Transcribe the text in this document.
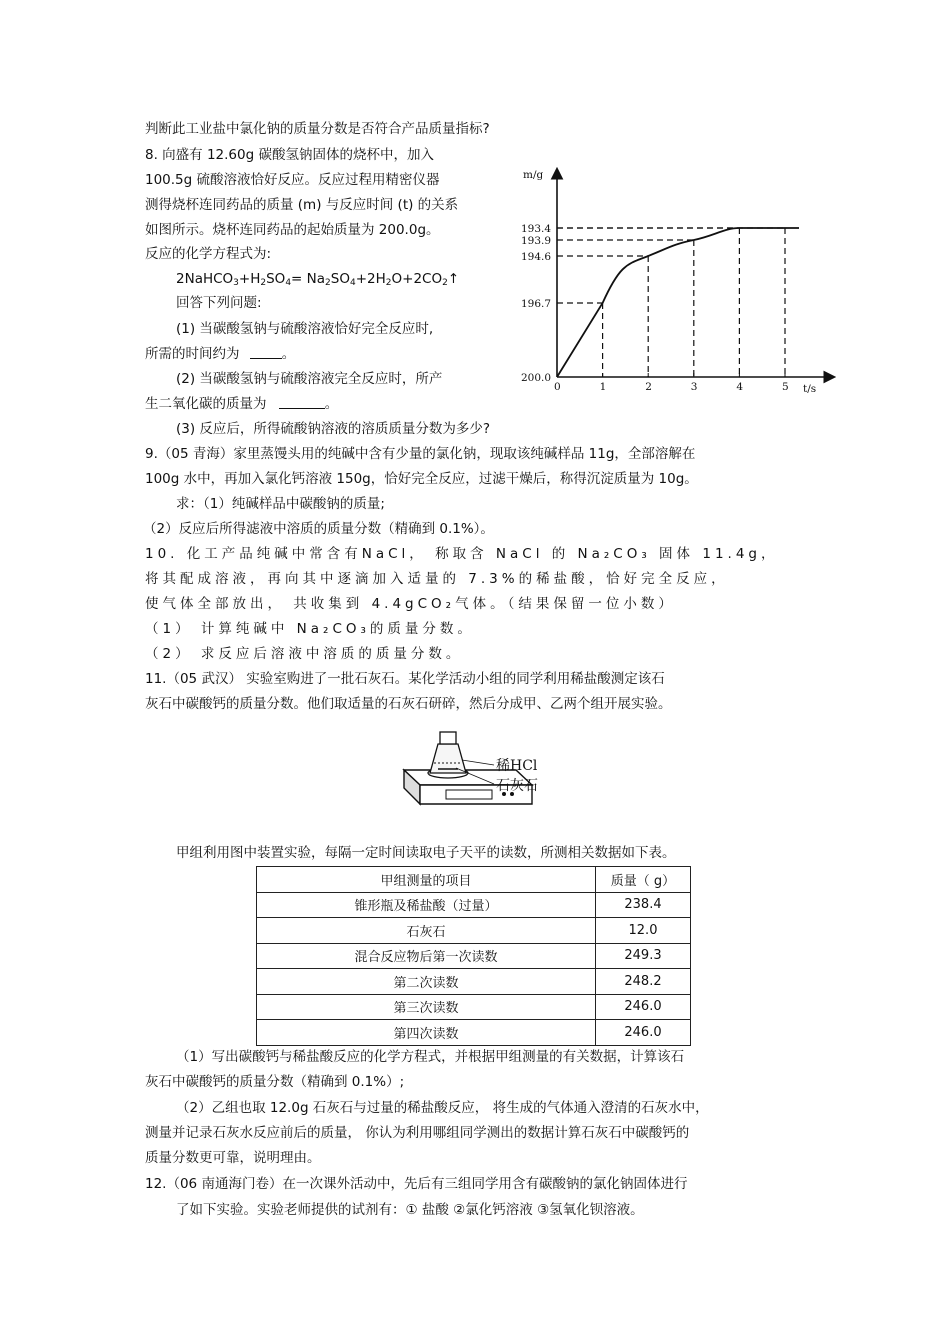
判断此工业盐中氯化钠的质量分数是否符合产品质量指标?
8. 向盛有 12.60g 碳酸氢钠固体的烧杯中，加入
100.5g 硫酸溶液恰好反应。反应过程用精密仪器
测得烧杯连同药品的质量 (m) 与反应时间 (t) 的关系
如图所示。烧杯连同药品的起始质量为 200.0g。
反应的化学方程式为:
$2NaHCO_3+H_2SO_4=$ $Na_2SO_4+2H_2O+2CO_2↑$
回答下列问题:
(1) 当碳酸氢钠与硫酸溶液恰好完全反应时,
所需的时间约为	。
(2) 当碳酸氢钠与硫酸溶液完全反应时，所产
生二氧化碳的质量为	。
(3) 反应后，所得硫酸钠溶液的溶质质量分数为多少?
m/g
t/s
0	1	2	3	4	5
200.0
196.7
194.6
193.9
193.4
9.（05 青海）家里蒸馒头用的纯碱中含有少量的氯化钠，现取该纯碱样品 11g，全部溶解在
100g 水中，再加入氯化钙溶液 150g，恰好完全反应，过滤干燥后，称得沉淀质量为 10g。
求：（1）纯碱样品中碳酸钠的质量;
（2）反应后所得滤液中溶质的质量分数（精确到 0.1%）。
10. 化工产品纯碱中常含有NaCl， 称取含 NaCl 的 Na₂CO₃ 固体 11.4g，
将其配成溶液，再向其中逐滴加入适量的 7.3%的稀盐酸，恰好完全反应，
使气体全部放出， 共收集到 4.4gCO₂气体。（结果保留一位小数）
（1） 计算纯碱中 Na₂CO₃的质量分数。
（2） 求反应后溶液中溶质的质量分数。
11.（05 武汉） 实验室购进了一批石灰石。某化学活动小组的同学利用稀盐酸测定该石
灰石中碳酸钙的质量分数。他们取适量的石灰石研碎，然后分成甲、乙两个组开展实验。
稀HCl
石灰石
甲组利用图中装置实验，每隔一定时间读取电子天平的读数，所测相关数据如下表。
甲组测量的项目	质量（ g）
锥形瓶及稀盐酸（过量）	238.4
石灰石	12.0
混合反应物后第一次读数	249.3
第二次读数	248.2
第三次读数	246.0
第四次读数	246.0
（1）写出碳酸钙与稀盐酸反应的化学方程式，并根据甲组测量的有关数据，计算该石
灰石中碳酸钙的质量分数（精确到 0.1%）;
（2）乙组也取 12.0g 石灰石与过量的稀盐酸反应， 将生成的气体通入澄清的石灰水中，
测量并记录石灰水反应前后的质量， 你认为利用哪组同学测出的数据计算石灰石中碳酸钙的
质量分数更可靠，说明理由。
12.（06 南通海门卷）在一次课外活动中，先后有三组同学用含有碳酸钠的氯化钠固体进行
了如下实验。实验老师提供的试剂有：① 盐酸 ②氯化钙溶液 ③氢氧化钡溶液。
